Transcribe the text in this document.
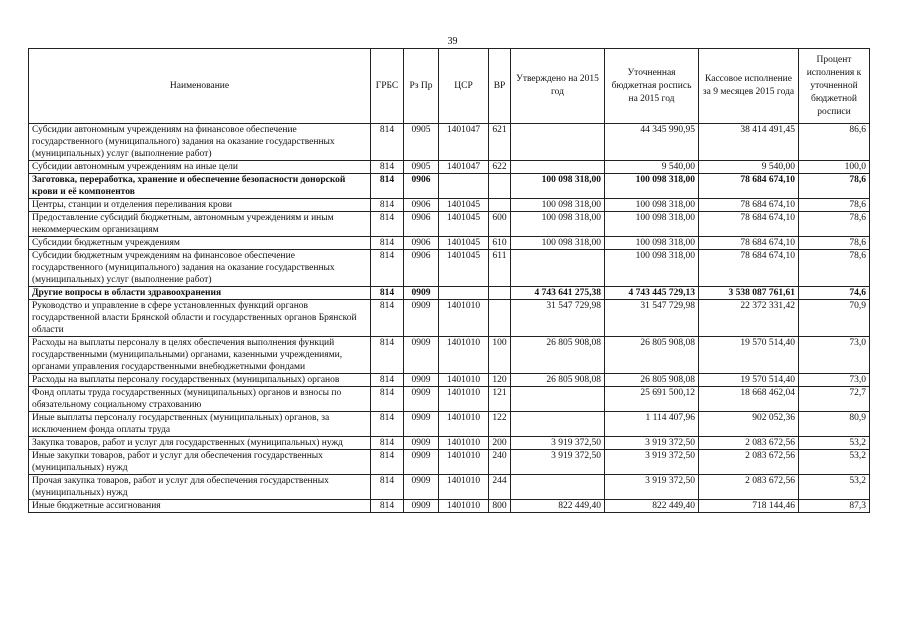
39
Наименование	ГРБС	Рз Пр	ЦСР	ВР	Утверждено на 2015 год	Уточненная бюджетная роспись на 2015 год	Кассовое исполнение за 9 месяцев 2015 года	Процент исполнения к уточненной бюджетной росписи
Субсидии автономным учреждениям на финансовое обеспечение государственного (муниципального) задания на оказание государственных (муниципальных) услуг (выполнение работ)	814	0905	1401047	621		44 345 990,95	38 414 491,45	86,6
Субсидии автономным учреждениям на иные цели	814	0905	1401047	622		9 540,00	9 540,00	100,0
Заготовка, переработка, хранение и обеспечение безопасности донорской крови и её компонентов	814	0906			100 098 318,00	100 098 318,00	78 684 674,10	78,6
Центры, станции и отделения переливания крови	814	0906	1401045		100 098 318,00	100 098 318,00	78 684 674,10	78,6
Предоставление субсидий бюджетным, автономным учреждениям и иным некоммерческим организациям	814	0906	1401045	600	100 098 318,00	100 098 318,00	78 684 674,10	78,6
Субсидии бюджетным учреждениям	814	0906	1401045	610	100 098 318,00	100 098 318,00	78 684 674,10	78,6
Субсидии бюджетным учреждениям на финансовое обеспечение государственного (муниципального) задания на оказание государственных (муниципальных) услуг (выполнение работ)	814	0906	1401045	611		100 098 318,00	78 684 674,10	78,6
Другие вопросы в области здравоохранения	814	0909			4 743 641 275,38	4 743 445 729,13	3 538 087 761,61	74,6
Руководство и управление в сфере установленных функций органов государственной власти Брянской области и государственных органов Брянской области	814	0909	1401010		31 547 729,98	31 547 729,98	22 372 331,42	70,9
Расходы на выплаты персоналу в целях обеспечения выполнения функций государственными (муниципальными) органами, казенными учреждениями, органами управления государственными внебюджетными фондами	814	0909	1401010	100	26 805 908,08	26 805 908,08	19 570 514,40	73,0
Расходы на выплаты персоналу государственных (муниципальных) органов	814	0909	1401010	120	26 805 908,08	26 805 908,08	19 570 514,40	73,0
Фонд оплаты труда государственных (муниципальных) органов и взносы по обязательному социальному страхованию	814	0909	1401010	121		25 691 500,12	18 668 462,04	72,7
Иные выплаты персоналу государственных (муниципальных) органов, за исключением фонда оплаты труда	814	0909	1401010	122		1 114 407,96	902 052,36	80,9
Закупка товаров, работ и услуг для государственных (муниципальных) нужд	814	0909	1401010	200	3 919 372,50	3 919 372,50	2 083 672,56	53,2
Иные закупки товаров, работ и услуг для обеспечения государственных (муниципальных) нужд	814	0909	1401010	240	3 919 372,50	3 919 372,50	2 083 672,56	53,2
Прочая закупка товаров, работ и услуг для обеспечения государственных (муниципальных) нужд	814	0909	1401010	244		3 919 372,50	2 083 672,56	53,2
Иные бюджетные ассигнования	814	0909	1401010	800	822 449,40	822 449,40	718 144,46	87,3
